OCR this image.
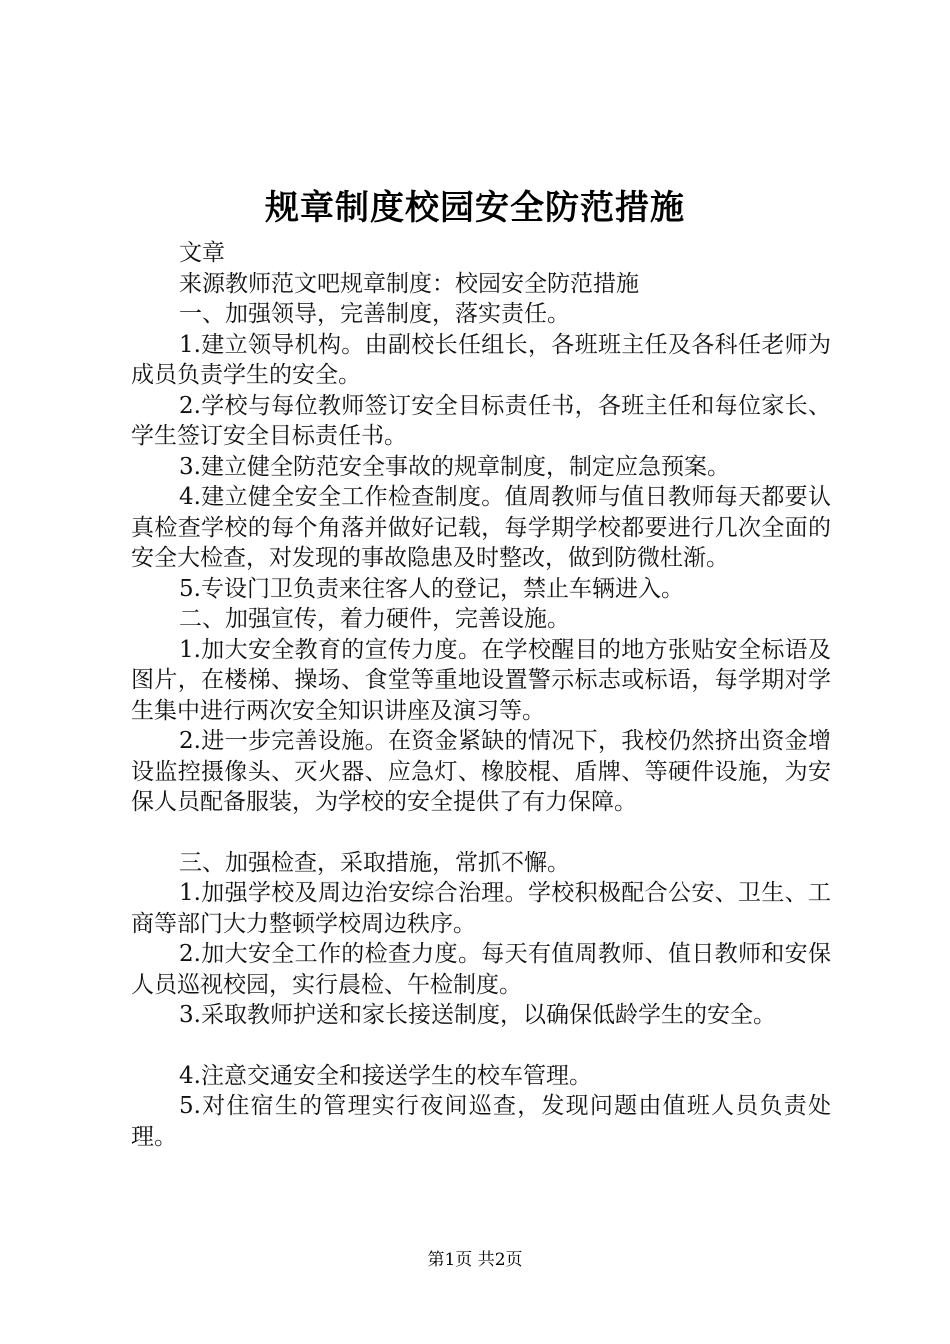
规章制度校园安全防范措施

文章

来源教师范文吧规章制度：校园安全防范措施

一、加强领导，完善制度，落实责任。

1.建立领导机构。由副校长任组长，各班班主任及各科任老师为成员负责学生的安全。

2.学校与每位教师签订安全目标责任书，各班主任和每位家长、学生签订安全目标责任书。

3.建立健全防范安全事故的规章制度，制定应急预案。

4.建立健全安全工作检查制度。值周教师与值日教师每天都要认真检查学校的每个角落并做好记载，每学期学校都要进行几次全面的安全大检查，对发现的事故隐患及时整改，做到防微杜渐。

5.专设门卫负责来往客人的登记，禁止车辆进入。

二、加强宣传，着力硬件，完善设施。

1.加大安全教育的宣传力度。在学校醒目的地方张贴安全标语及图片，在楼梯、操场、食堂等重地设置警示标志或标语，每学期对学生集中进行两次安全知识讲座及演习等。

2.进一步完善设施。在资金紧缺的情况下，我校仍然挤出资金增设监控摄像头、灭火器、应急灯、橡胶棍、盾牌、等硬件设施，为安保人员配备服装，为学校的安全提供了有力保障。

三、加强检查，采取措施，常抓不懈。

1.加强学校及周边治安综合治理。学校积极配合公安、卫生、工商等部门大力整顿学校周边秩序。

2.加大安全工作的检查力度。每天有值周教师、值日教师和安保人员巡视校园，实行晨检、午检制度。

3.采取教师护送和家长接送制度，以确保低龄学生的安全。

4.注意交通安全和接送学生的校车管理。

5.对住宿生的管理实行夜间巡查，发现问题由值班人员负责处理。

第1页 共2页
